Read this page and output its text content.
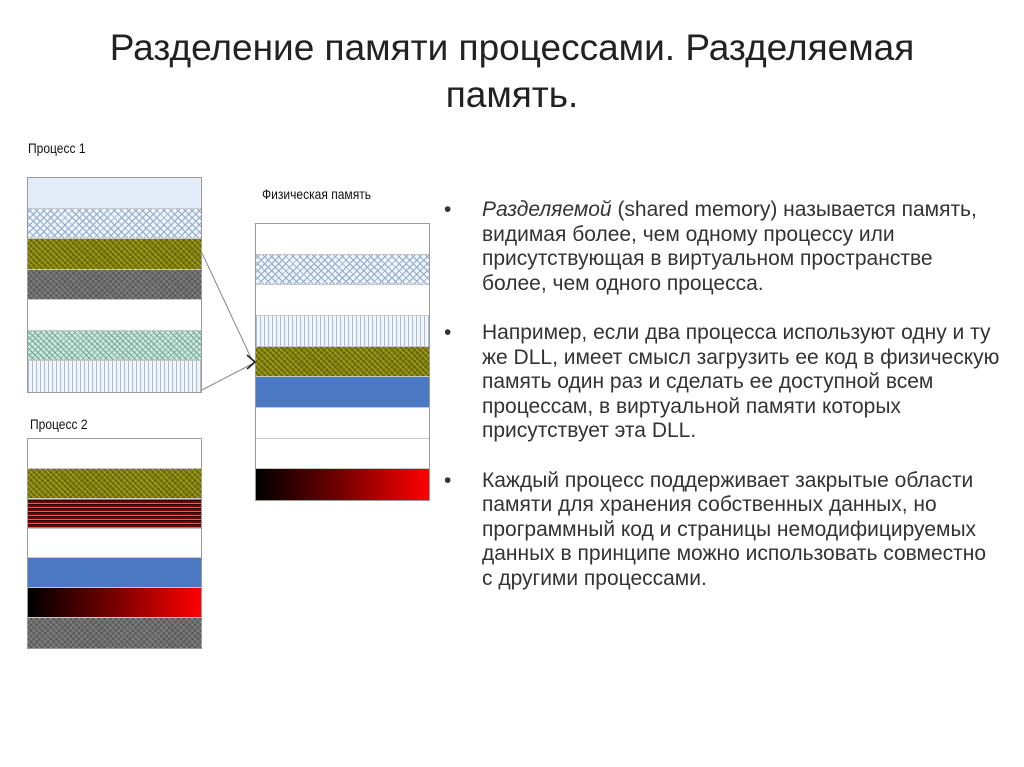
Разделение памяти процессами. Разделяемая
память.
Процесс 1
Процесс 2
Физическая память
• Разделяемой (shared memory) называется память, видимая более, чем одному процессу или присутствующая в виртуальном пространстве более, чем одного процесса.
• Например, если два процесса используют одну и ту же DLL, имеет смысл загрузить ее код в физическую память один раз и сделать ее доступной всем процессам, в виртуальной памяти которых присутствует эта DLL.
• Каждый процесс поддерживает закрытые области памяти для хранения собственных данных, но программный код и страницы немодифицируемых данных в принципе можно использовать совместно с другими процессами.
